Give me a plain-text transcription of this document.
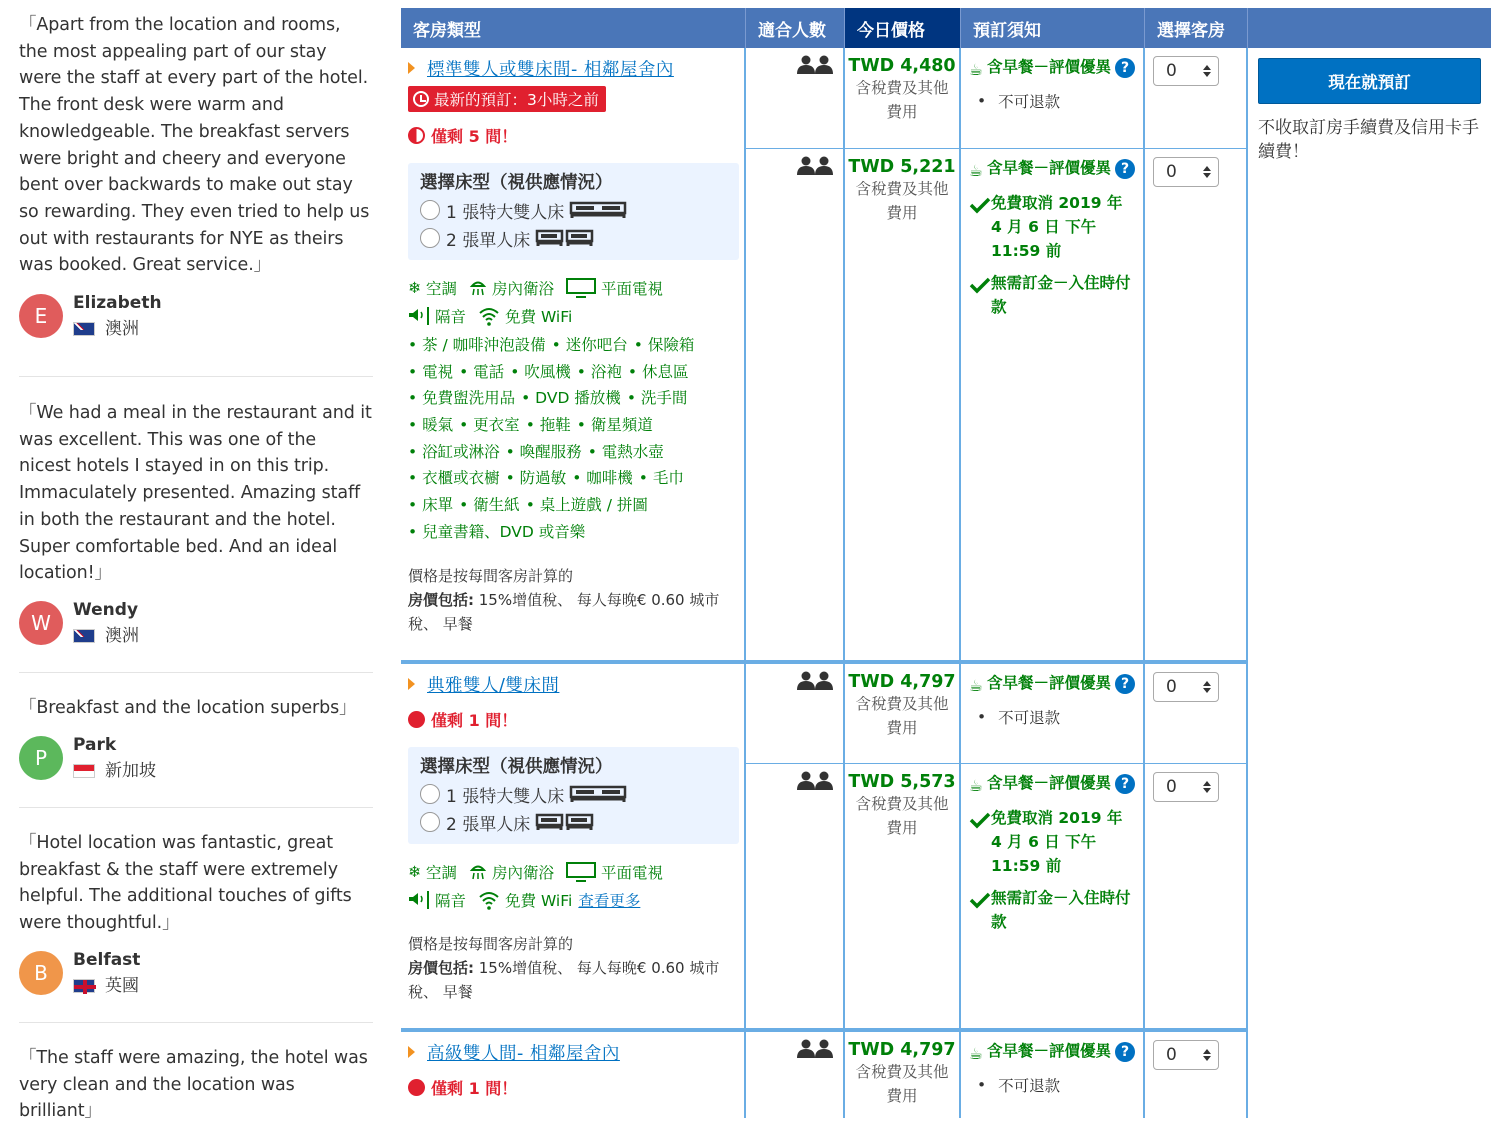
「Apart from the location and rooms, the most appealing part of our stay were the staff at every part of the hotel. The front desk were warm and knowledgeable. The breakfast servers were bright and cheery and everyone bent over backwards to make out stay so rewarding. They even tried to help us out with restaurants for NYE as theirs was booked. Great service.」

E
Elizabeth
澳洲

「We had a meal in the restaurant and it was excellent. This was one of the nicest hotels I stayed in on this trip. Immaculately presented. Amazing staff in both the restaurant and the hotel. Super comfortable bed. And an ideal location!」

W
Wendy
澳洲

「Breakfast and the location superbs」

P
Park
新加坡

「Hotel location was fantastic, great breakfast & the staff were extremely helpful. The additional touches of gifts were thoughtful.」

B
Belfast
英國

「The staff were amazing, the hotel was very clean and the location was brilliant」

客房類型	適合人數	今日價格	預訂須知	選擇客房
標準雙人或雙床間- 相鄰屋舍內
最新的預訂：3小時之前
僅剩 5 間！
選擇床型（視供應情況）
1 張特大雙人床
2 張單人床
❄ 空調 房內衛浴	平面電視
隔音	免費 WiFi
• 茶 / 咖啡沖泡設備 • 迷你吧台 • 保險箱
• 電視 • 電話 • 吹風機 • 浴袍 • 休息區
• 免費盥洗用品 • DVD 播放機 • 洗手間
• 暖氣 • 更衣室 • 拖鞋 • 衛星頻道
• 浴缸或淋浴 • 喚醒服務 • 電熱水壺
• 衣櫃或衣櫥 • 防過敏 • 咖啡機 • 毛巾
• 床單 • 衛生紙 • 桌上遊戲 / 拼圖
• 兒童書籍、DVD 或音樂
價格是按每間客房計算的
房價包括: 15%增值稅、 每人每晚€ 0.60 城市稅、 早餐
TWD 4,480
含稅費及其他費用
☕ 含早餐－評價優異 ?
• 不可退款
0
TWD 5,221
含稅費及其他費用
☕ 含早餐－評價優異 ?
免費取消 2019 年 4 月 6 日 下午 11:59 前
無需訂金－入住時付款
0
典雅雙人/雙床間
僅剩 1 間！
選擇床型（視供應情況）
1 張特大雙人床
2 張單人床
❄ 空調 房內衛浴	平面電視
隔音	免費 WiFi 查看更多
價格是按每間客房計算的
房價包括: 15%增值稅、 每人每晚€ 0.60 城市稅、 早餐
TWD 4,797
含稅費及其他費用
☕ 含早餐－評價優異 ?
• 不可退款
0
TWD 5,573
含稅費及其他費用
☕ 含早餐－評價優異 ?
免費取消 2019 年 4 月 6 日 下午 11:59 前
無需訂金－入住時付款
0
高級雙人間- 相鄰屋舍內
僅剩 1 間！
TWD 4,797
含稅費及其他費用
☕ 含早餐－評價優異 ?
• 不可退款
0
現在就預訂
不收取訂房手續費及信用卡手續費！
